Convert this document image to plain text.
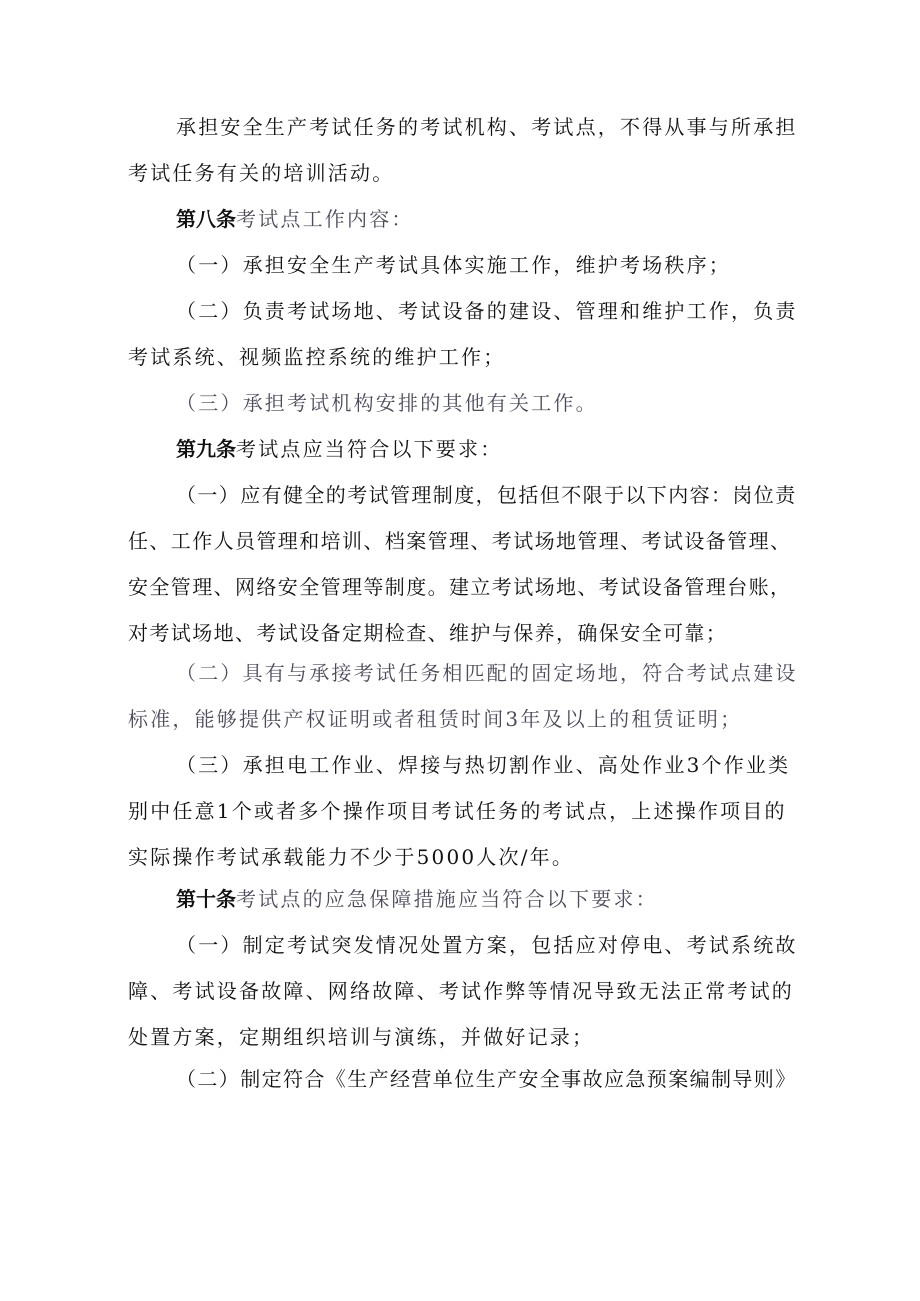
承担安全生产考试任务的考试机构、考试点，不得从事与所承担考试任务有关的培训活动。

第八条考试点工作内容：

（一）承担安全生产考试具体实施工作，维护考场秩序；

（二）负责考试场地、考试设备的建设、管理和维护工作，负责考试系统、视频监控系统的维护工作；

（三）承担考试机构安排的其他有关工作。

第九条考试点应当符合以下要求：

（一）应有健全的考试管理制度，包括但不限于以下内容：岗位责任、工作人员管理和培训、档案管理、考试场地管理、考试设备管理、安全管理、网络安全管理等制度。建立考试场地、考试设备管理台账，对考试场地、考试设备定期检查、维护与保养，确保安全可靠；

（二）具有与承接考试任务相匹配的固定场地，符合考试点建设标准，能够提供产权证明或者租赁时间3年及以上的租赁证明；

（三）承担电工作业、焊接与热切割作业、高处作业3个作业类别中任意1个或者多个操作项目考试任务的考试点，上述操作项目的实际操作考试承载能力不少于5000人次/年。

第十条考试点的应急保障措施应当符合以下要求：

（一）制定考试突发情况处置方案，包括应对停电、考试系统故障、考试设备故障、网络故障、考试作弊等情况导致无法正常考试的处置方案，定期组织培训与演练，并做好记录；

（二）制定符合《生产经营单位生产安全事故应急预案编制导则》
